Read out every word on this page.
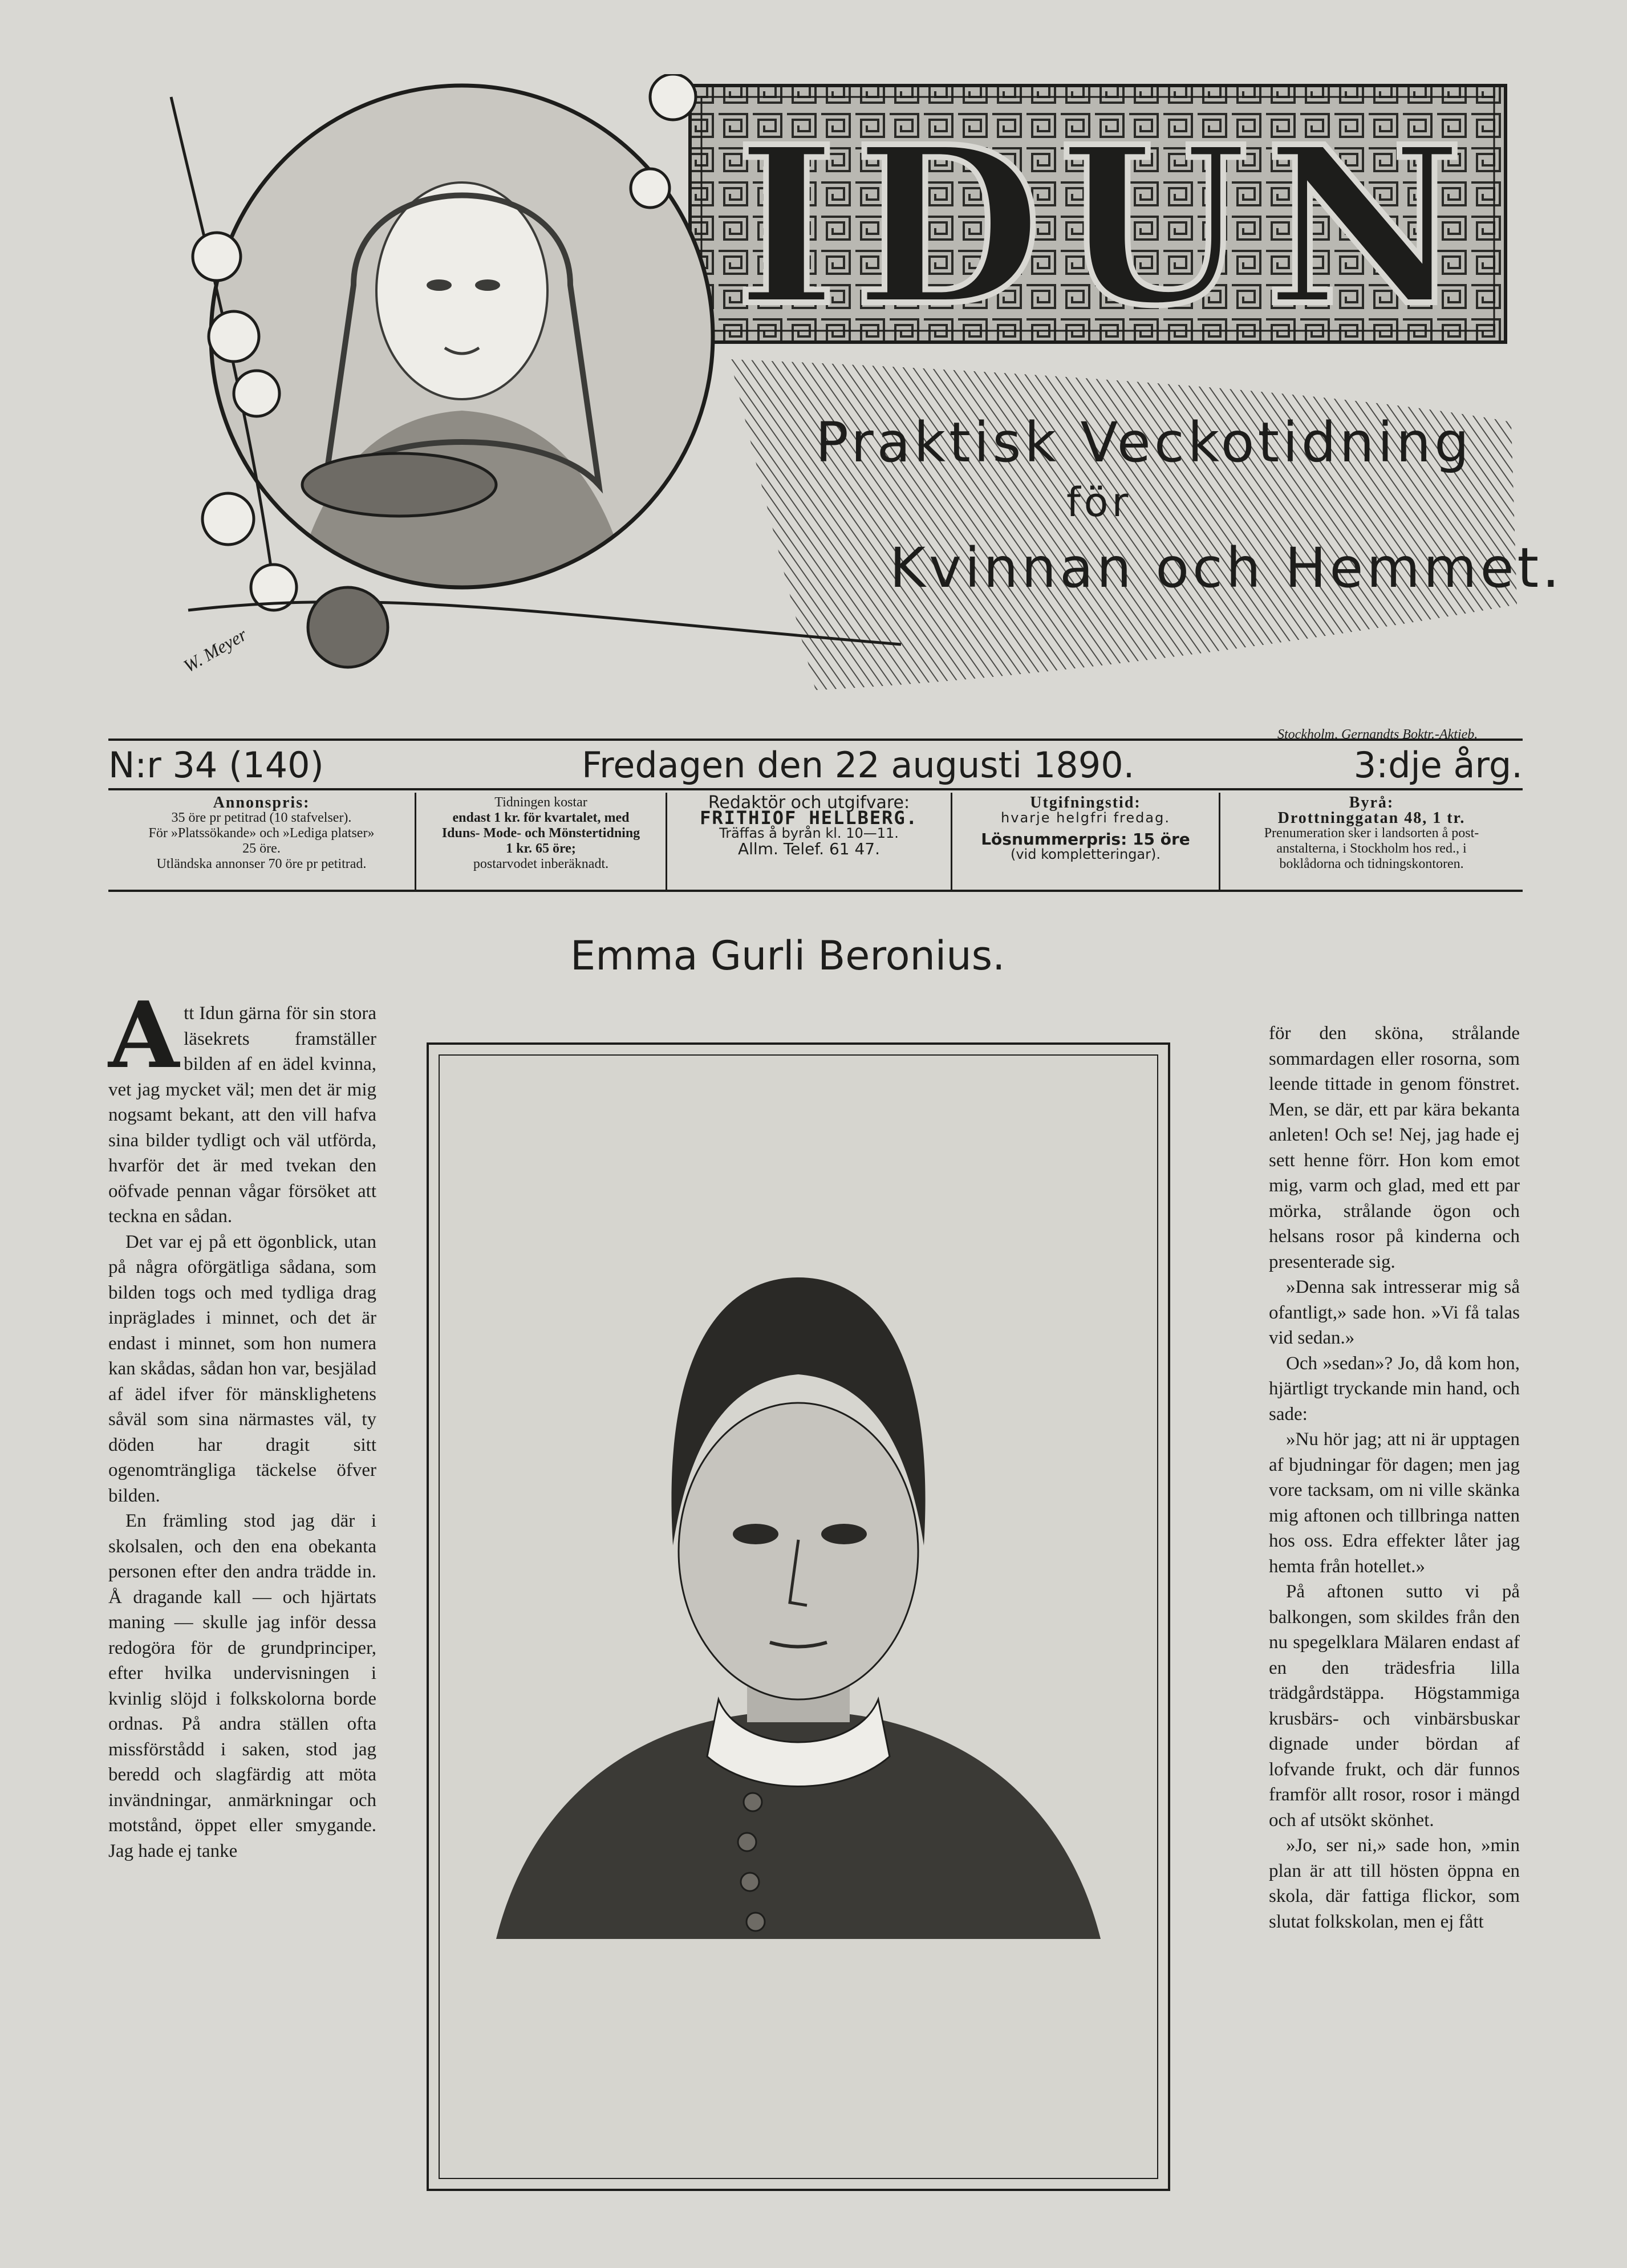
IDUN
W. Meyer
Praktisk Veckotidning
för
Kvinnan och Hemmet.
Stockholm, Gernandts Boktr.-Aktieb.
N:r 34 (140)	Fredagen den 22 augusti 1890.	3:dje årg.
Annonspris:
35 öre pr petitrad (10 stafvelser).
För »Platssökande» och »Lediga platser»
25 öre.
Utländska annonser 70 öre pr petitrad.
Tidningen kostar
endast 1 kr. för kvartalet, med
Iduns- Mode- och Mönstertidning
1 kr. 65 öre;
postarvodet inberäknadt.
Redaktör och utgifvare:
FRITHIOF HELLBERG.
Träffas å byrån kl. 10—11.
Allm. Telef. 61 47.
Utgifningstid:
hvarje helgfri fredag.
Lösnummerpris: 15 öre
(vid kompletteringar).
Byrå:
Drottninggatan 48, 1 tr.
Prenumeration sker i landsorten å post-
anstalterna, i Stockholm hos red., i
boklådorna och tidningskontoren.
Emma Gurli Beronius.

Att Idun gärna för sin stora läsekrets framställer bilden af en ädel kvinna, vet jag mycket väl; men det är mig nogsamt bekant, att den vill hafva sina bilder tydligt och väl utförda, hvarför det är med tvekan den oöfvade pennan vågar försöket att teckna en sådan.

Det var ej på ett ögonblick, utan på några oförgätliga sådana, som bilden togs och med tydliga drag inpräglades i minnet, och det är endast i minnet, som hon numera kan skådas, sådan hon var, besjälad af ädel ifver för mänsklighetens såväl som sina närmastes väl, ty döden har dragit sitt ogenomträngliga täckelse öfver bilden.

En främling stod jag där i skolsalen, och den ena obekanta personen efter den andra trädde in. Å dragande kall — och hjärtats maning — skulle jag inför dessa redogöra för de grundprinciper, efter hvilka undervisningen i kvinlig slöjd i folkskolorna borde ordnas. På andra ställen ofta missförstådd i saken, stod jag beredd och slagfärdig att möta invändningar, anmärkningar och motstånd, öppet eller smygande. Jag hade ej tanke

för den sköna, strålande sommardagen eller rosorna, som leende tittade in genom fönstret. Men, se där, ett par kära bekanta anleten! Och se! Nej, jag hade ej sett henne förr. Hon kom emot mig, varm och glad, med ett par mörka, strålande ögon och helsans rosor på kinderna och presenterade sig.

»Denna sak intresserar mig så ofantligt,» sade hon. »Vi få talas vid sedan.»

Och »sedan»? Jo, då kom hon, hjärtligt tryckande min hand, och sade:

»Nu hör jag; att ni är upptagen af bjudningar för dagen; men jag vore tacksam, om ni ville skänka mig aftonen och tillbringa natten hos oss. Edra effekter låter jag hemta från hotellet.»

På aftonen sutto vi på balkongen, som skildes från den nu spegelklara Mälaren endast af en den trädesfria lilla trädgårdstäppa. Högstammiga krusbärs- och vinbärsbuskar dignade under bördan af lofvande frukt, och där funnos framför allt rosor, rosor i mängd och af utsökt skönhet.

»Jo, ser ni,» sade hon, »min plan är att till hösten öppna en skola, där fattiga flickor, som slutat folkskolan, men ej fått
